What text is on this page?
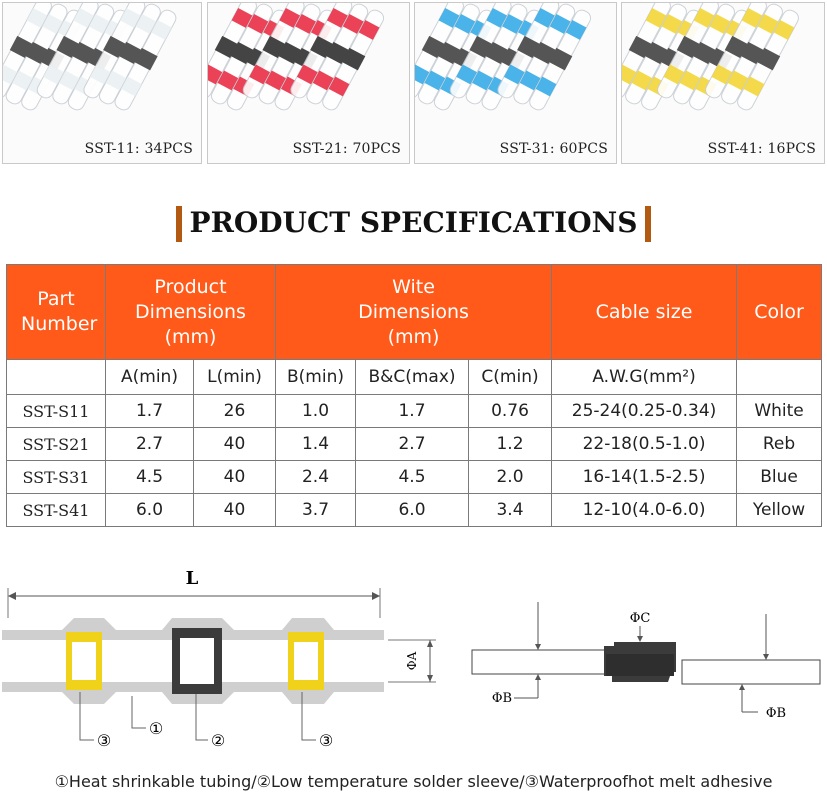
SST-11: 34PCS	SST-21: 70PCS	SST-31: 60PCS	SST-41: 16PCS
PRODUCT SPECIFICATIONS
Part Number	Product Dimensions (mm)		Wite Dimensions (mm)			Cable size	Color
	A(min)	L(min)	B(min)	B&C(max)	C(min)	A.W.G(mm²)	
SST-S11	1.7	26	1.0	1.7	0.76	25-24(0.25-0.34)	White
SST-S21	2.7	40	1.4	2.7	1.2	22-18(0.5-1.0)	Reb
SST-S31	4.5	40	2.4	4.5	2.0	16-14(1.5-2.5)	Blue
SST-S41	6.0	40	3.7	6.0	3.4	12-10(4.0-6.0)	Yellow
L
ΦA
③
①
②	③
ΦC
ΦB
ΦB
①Heat shrinkable tubing/②Low temperature solder sleeve/③Waterproofhot melt adhesive
